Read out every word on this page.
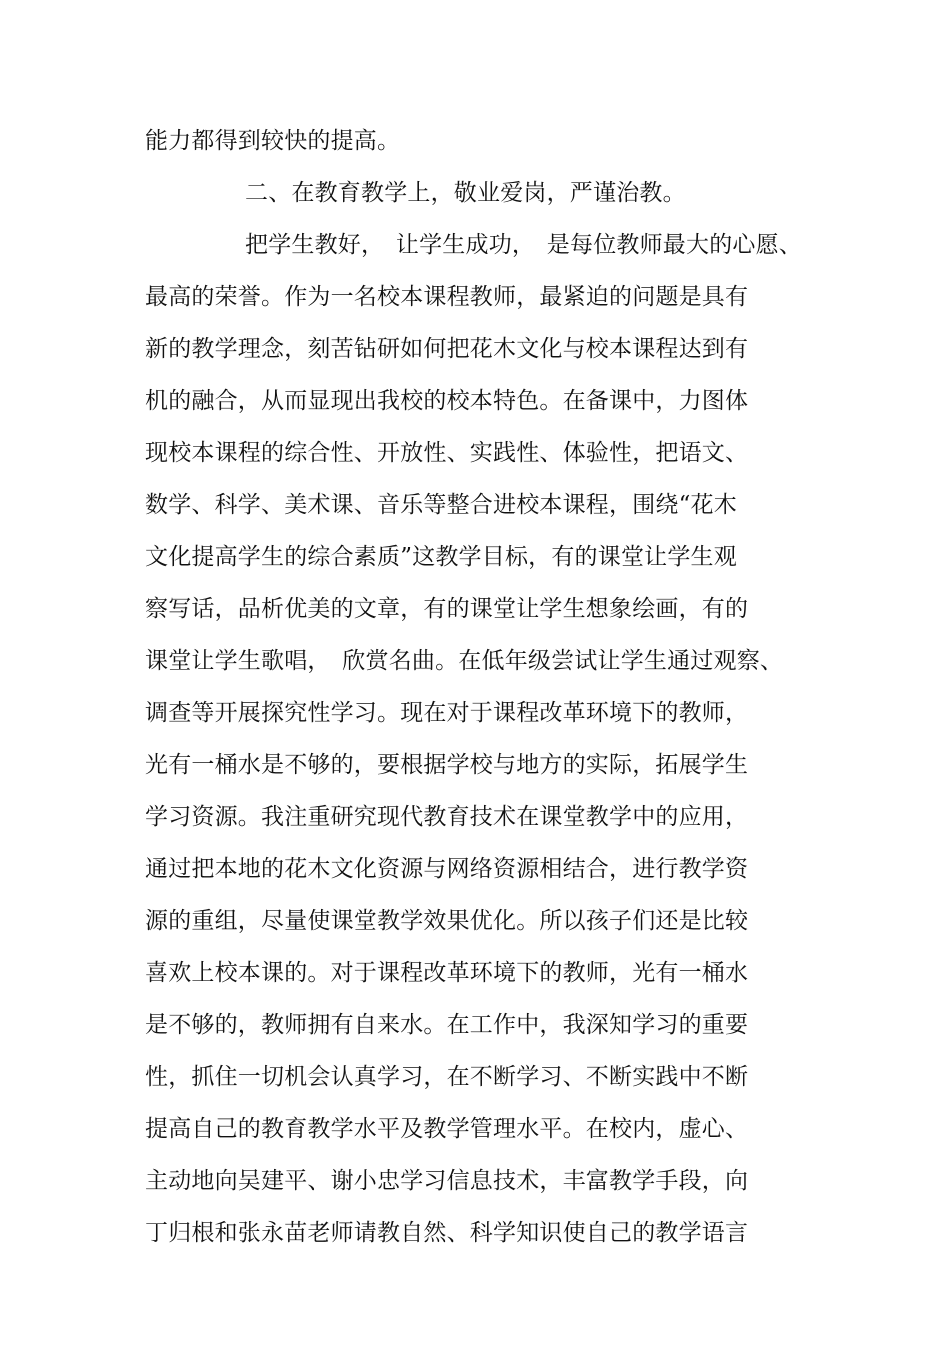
能力都得到较快的提高。
二、在教育教学上，敬业爱岗，严谨治教。
把学生教好，　让学生成功，　是每位教师最大的心愿、
最高的荣誉。作为一名校本课程教师，最紧迫的问题是具有
新的教学理念，刻苦钻研如何把花木文化与校本课程达到有
机的融合，从而显现出我校的校本特色。在备课中，力图体
现校本课程的综合性、开放性、实践性、体验性，把语文、
数学、科学、美术课、音乐等整合进校本课程，围绕“花木
文化提高学生的综合素质”这教学目标，有的课堂让学生观
察写话，品析优美的文章，有的课堂让学生想象绘画，有的
课堂让学生歌唱，　欣赏名曲。在低年级尝试让学生通过观察、
调查等开展探究性学习。现在对于课程改革环境下的教师，
光有一桶水是不够的，要根据学校与地方的实际，拓展学生
学习资源。我注重研究现代教育技术在课堂教学中的应用，
通过把本地的花木文化资源与网络资源相结合，进行教学资
源的重组，尽量使课堂教学效果优化。所以孩子们还是比较
喜欢上校本课的。对于课程改革环境下的教师，光有一桶水
是不够的，教师拥有自来水。在工作中，我深知学习的重要
性，抓住一切机会认真学习，在不断学习、不断实践中不断
提高自己的教育教学水平及教学管理水平。在校内，虚心、
主动地向吴建平、谢小忠学习信息技术，丰富教学手段，向
丁归根和张永苗老师请教自然、科学知识使自己的教学语言
